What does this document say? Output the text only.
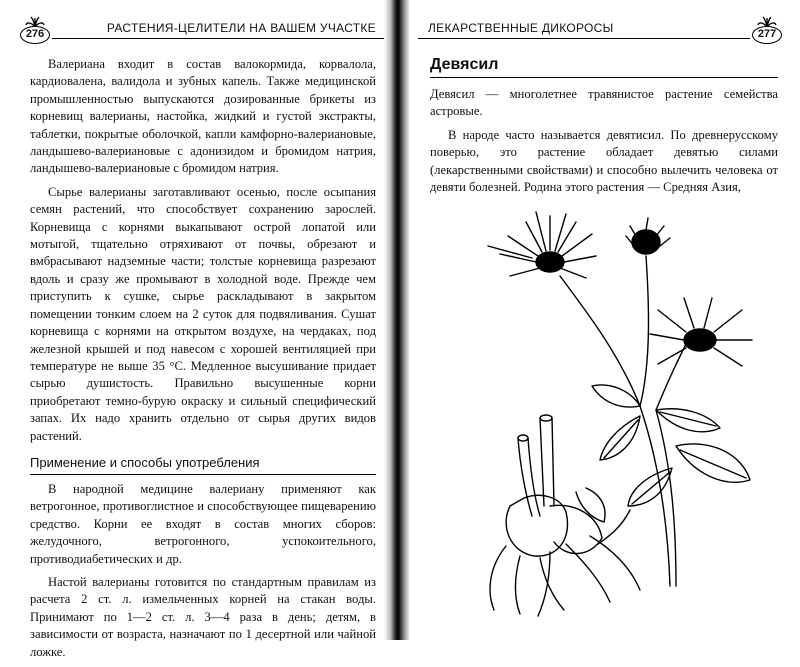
276	РАСТЕНИЯ-ЦЕЛИТЕЛИ НА ВАШЕМ УЧАСТКЕ

Валериана входит в состав валокормида, корвалола, кардиовалена, валидола и зубных капель. Также медицинской промышленностью выпускаются дозированные брикеты из корневищ валерианы, настойка, жидкий и густой экстракты, таблетки, покрытые оболочкой, капли камфорно-валериановые, ландышево-валериановые с адонизидом и бромидом натрия, ландышево-валериановые с бромидом натрия.

Сырье валерианы заготавливают осенью, после осыпания семян растений, что способствует сохранению зарослей. Корневища с корнями выкапывают острой лопатой или мотыгой, тщательно отряхивают от почвы, обрезают и вмбрасывают надземные части; толстые корневища разрезают вдоль и сразу же промывают в холодной воде. Прежде чем приступить к сушке, сырье раскладывают в закрытом помещении тонким слоем на 2 суток для подвяливания. Сушат корневища с корнями на открытом воздухе, на чердаках, под железной крышей и под навесом с хорошей вентиляцией при температуре не выше 35 °С. Медленное высушивание придает сырью душистость. Правильно высушенные корни приобретают темно-бурую окраску и сильный специфический запах. Их надо хранить отдельно от сырья других видов растений.

Применение и способы употребления

В народной медицине валериану применяют как ветрогонное, противоглистное и способствующее пищеварению средство. Корни ее входят в состав многих сборов: желудочного, ветрогонного, успокоительного, противодиабетических и др.

Настой валерианы готовится по стандартным правилам из расчета 2 ст. л. измельченных корней на стакан воды. Принимают по 1—2 ст. л. 3—4 раза в день; детям, в зависимости от возраста, назначают по 1 десертной или чайной ложке.

ЛЕКАРСТВЕННЫЕ ДИКОРОСЫ	277
Девясил

Девясил — многолетнее травянистое растение семейства астровые.

В народе часто называется девятисил. По древнерусскому поверью, это растение обладает девятью силами (лекарственными свойствами) и способно вылечить человека от девяти болезней. Родина этого растения — Средняя Азия,
